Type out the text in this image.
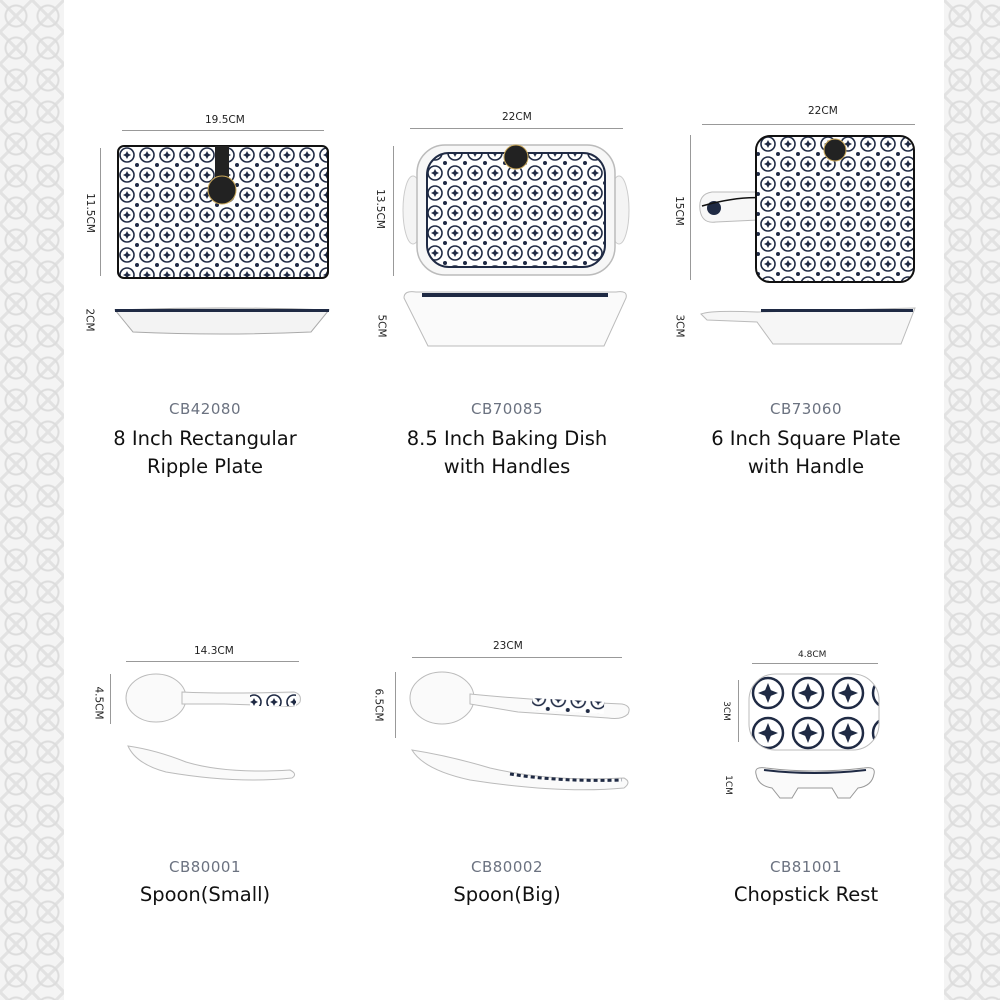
19.5CM
11.5CM
2CM
CB42080
8 Inch Rectangular
Ripple Plate
22CM
13.5CM
5CM
CB70085
8.5 Inch Baking Dish
with Handles
22CM
15CM
3CM
CB73060
6 Inch Square Plate
with Handle
14.3CM
4.5CM
CB80001
Spoon(Small)
23CM
6.5CM
CB80002
Spoon(Big)
4.8CM
3CM
1CM
CB81001
Chopstick Rest
